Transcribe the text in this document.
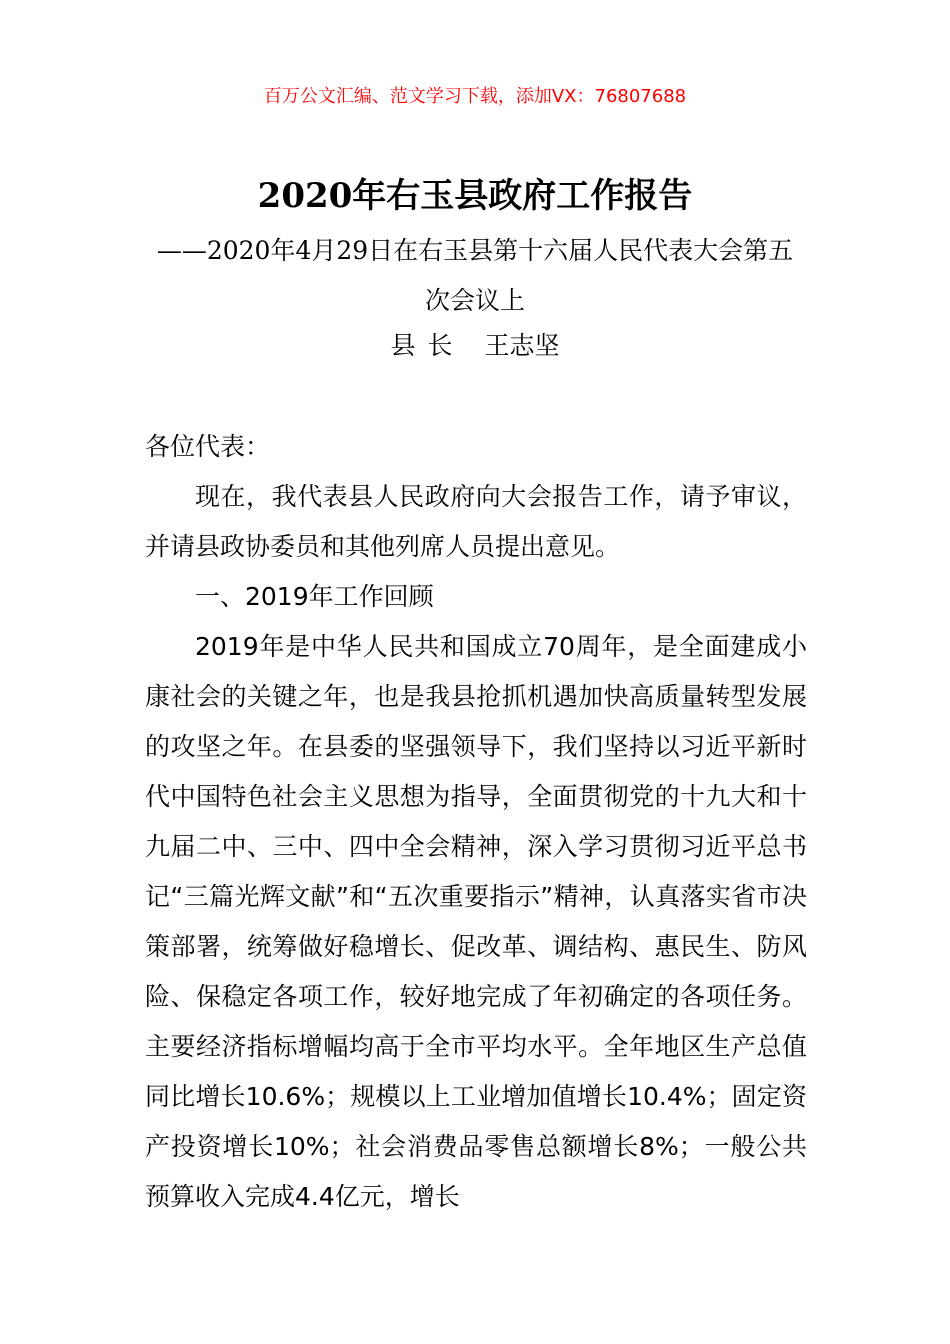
百万公文汇编、范文学习下载，添加VX：76807688
2020年右玉县政府工作报告
——2020年4月29日在右玉县第十六届人民代表大会第五次会议上
县长 王志坚

各位代表：

现在，我代表县人民政府向大会报告工作，请予审议，并请县政协委员和其他列席人员提出意见。

一、2019年工作回顾

2019年是中华人民共和国成立70周年，是全面建成小康社会的关键之年，也是我县抢抓机遇加快高质量转型发展的攻坚之年。在县委的坚强领导下，我们坚持以习近平新时代中国特色社会主义思想为指导，全面贯彻党的十九大和十九届二中、三中、四中全会精神，深入学习贯彻习近平总书记“三篇光辉文献”和“五次重要指示”精神，认真落实省市决策部署，统筹做好稳增长、促改革、调结构、惠民生、防风险、保稳定各项工作，较好地完成了年初确定的各项任务。主要经济指标增幅均高于全市平均水平。全年地区生产总值同比增长10.6%；规模以上工业增加值增长10.4%；固定资产投资增长10%；社会消费品零售总额增长8%；一般公共预算收入完成4.4亿元，增长
